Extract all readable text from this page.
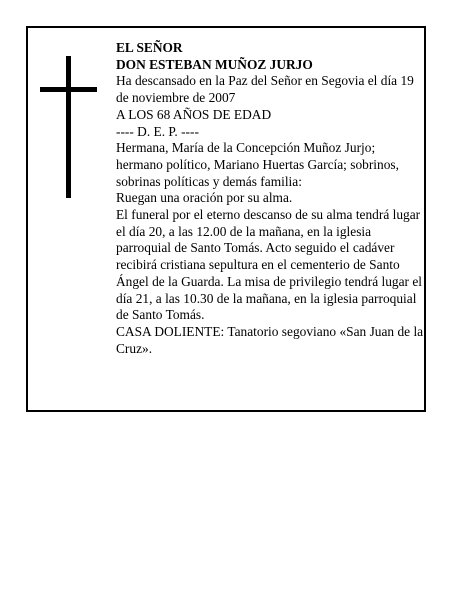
EL SEÑOR

DON ESTEBAN MUÑOZ JURJO

Ha descansado en la Paz del Señor en Segovia el día 19 de noviembre de 2007

A LOS 68 AÑOS DE EDAD

---- D. E. P. ----

Hermana, María de la Concepción Muñoz Jurjo; hermano político, Mariano Huertas García; sobrinos, sobrinas políticas y demás familia:

Ruegan una oración por su alma.

El funeral por el eterno descanso de su alma tendrá lugar el día 20, a las 12.00 de la mañana, en la iglesia parroquial de Santo Tomás. Acto seguido el cadáver recibirá cristiana sepultura en el cementerio de Santo Ángel de la Guarda. La misa de privilegio tendrá lugar el día 21, a las 10.30 de la mañana, en la iglesia parroquial de Santo Tomás.

CASA DOLIENTE: Tanatorio segoviano «San Juan de la Cruz».
